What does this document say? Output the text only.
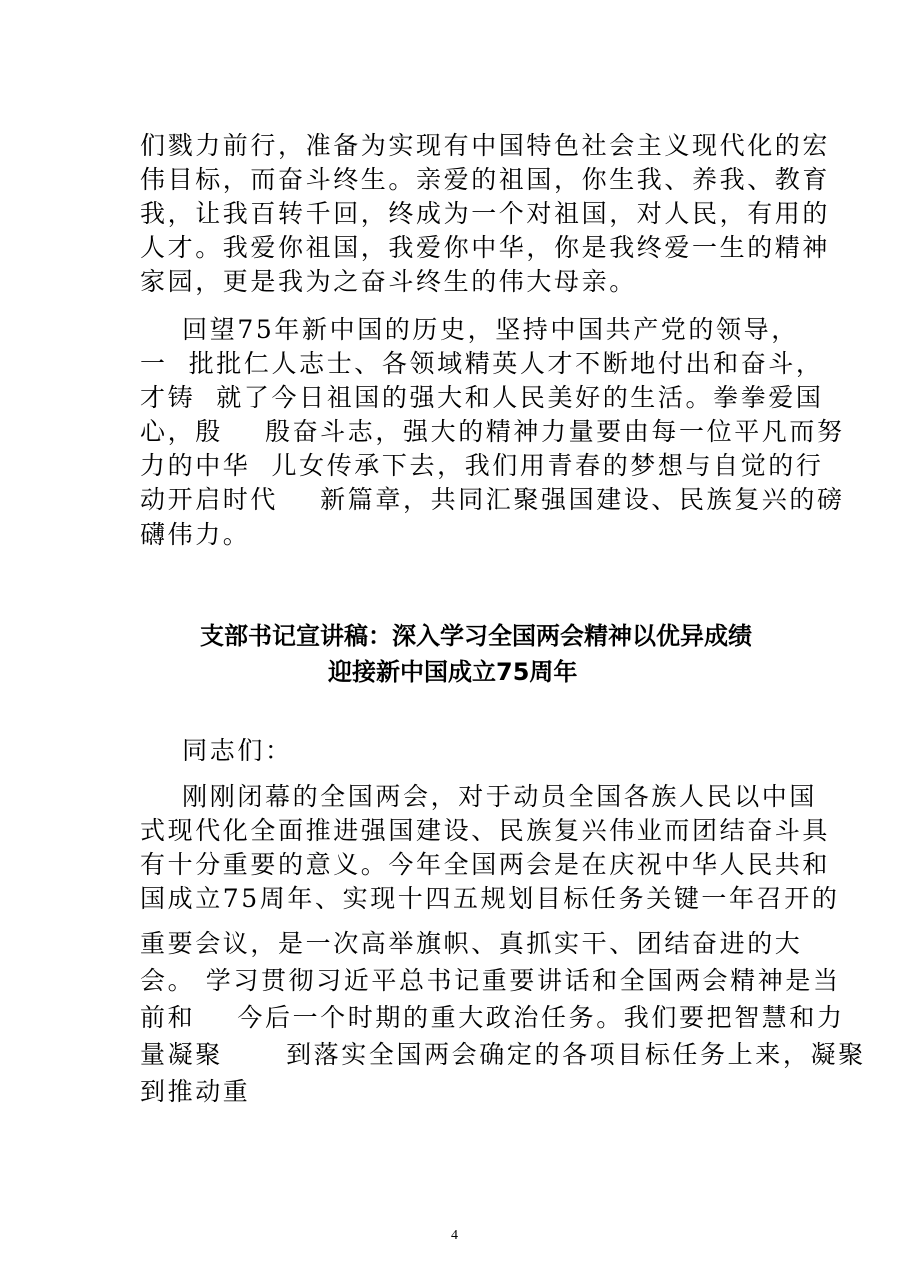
们戮力前行，准备为实现有中国特色社会主义现代化的宏

伟目标，而奋斗终生。亲爱的祖国，你生我、养我、教育

我，让我百转千回，终成为一个对祖国，对人民，有用的

人才。我爱你祖国，我爱你中华，你是我终爱一生的精神

家园，更是我为之奋斗终生的伟大母亲。

回望75年新中国的历史，坚持中国共产党的领导，

一  批批仁人志士、各领域精英人才不断地付出和奋斗，

才铸  就了今日祖国的强大和人民美好的生活。拳拳爱国

心，殷    殷奋斗志，强大的精神力量要由每一位平凡而努

力的中华  儿女传承下去，我们用青春的梦想与自觉的行

动开启时代    新篇章，共同汇聚强国建设、民族复兴的磅

礴伟力。

支部书记宣讲稿：深入学习全国两会精神以优异成绩

迎接新中国成立75周年

同志们：

刚刚闭幕的全国两会，对于动员全国各族人民以中国

式现代化全面推进强国建设、民族复兴伟业而团结奋斗具

有十分重要的意义。今年全国两会是在庆祝中华人民共和

国成立75周年、实现十四五规划目标任务关键一年召开的

重要会议，是一次高举旗帜、真抓实干、团结奋进的大

会。 学习贯彻习近平总书记重要讲话和全国两会精神是当

前和    今后一个时期的重大政治任务。我们要把智慧和力

量凝聚      到落实全国两会确定的各项目标任务上来，凝聚

到推动重

4
